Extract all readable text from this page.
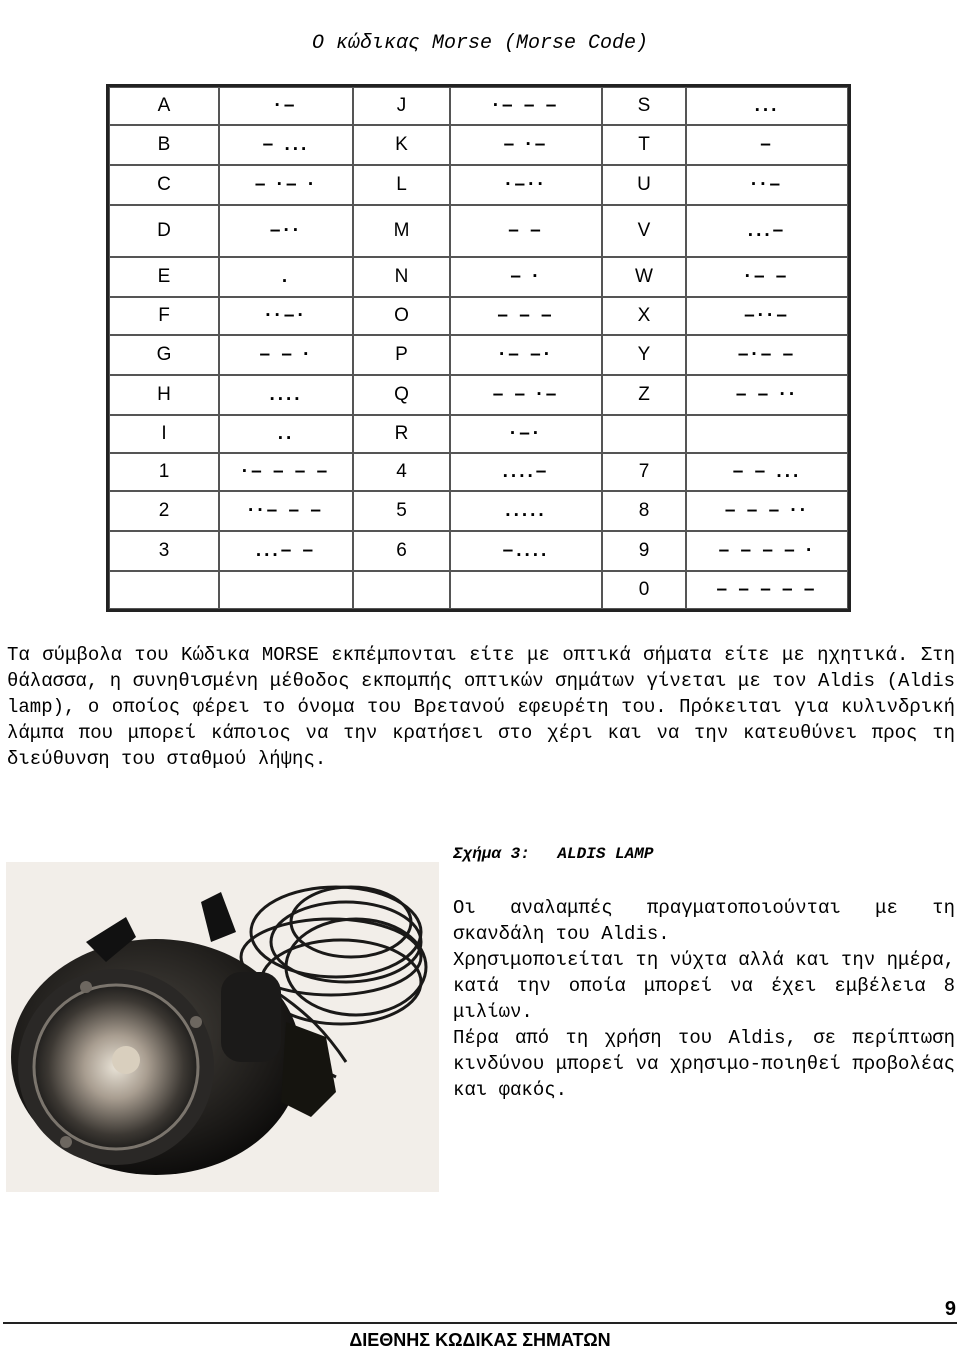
Ο κώδικας Morse (Morse Code)
A	·–	J	·– – –	S	...
B	– ...	K	– ·–	T	–
C	– ·– ·	L	·–··	U	··–
D	–··	M	– –	V	...–
E	.	N	– ·	W	·– –
F	··–·	O	– – –	X	–··–
G	– – ·	P	·– –·	Y	–·– –
H	....	Q	– – ·–	Z	– – ··
I	..	R	·–·		
1	·– – – –	4	....–	7	– – ...
2	··– – –	5	.....	8	– – – ··
3	...– –	6	–....	9	– – – – ·
				0	– – – – –

Τα σύμβολα του Κώδικα MORSE εκπέμπονται είτε με οπτικά σήματα είτε με ηχητικά. Στη θάλασσα, η συνηθισμένη μέθοδος εκπομπής οπτικών σημάτων γίνεται με τον Aldis (Aldis lamp), ο οποίος φέρει το όνομα του Βρετανού εφευρέτη του. Πρόκειται για κυλινδρική λάμπα που μπορεί κάποιος να την κρατήσει στο χέρι και να την κατευθύνει προς τη διεύθυνση του σταθμού λήψης.

Σχήμα 3: ALDIS LAMP
Οι αναλαμπές πραγματοποιούνται με τη σκανδάλη του Aldis.
Χρησιμοποιείται τη νύχτα αλλά και την ημέρα, κατά την οποία μπορεί να έχει εμβέλεια 8 μιλίων.
Πέρα από τη χρήση του Aldis, σε περίπτωση κινδύνου μπορεί να χρησιμο-ποιηθεί προβολέας και φακός.
9
ΔΙΕΘΝΗΣ ΚΩΔΙΚΑΣ ΣΗΜΑΤΩΝ
